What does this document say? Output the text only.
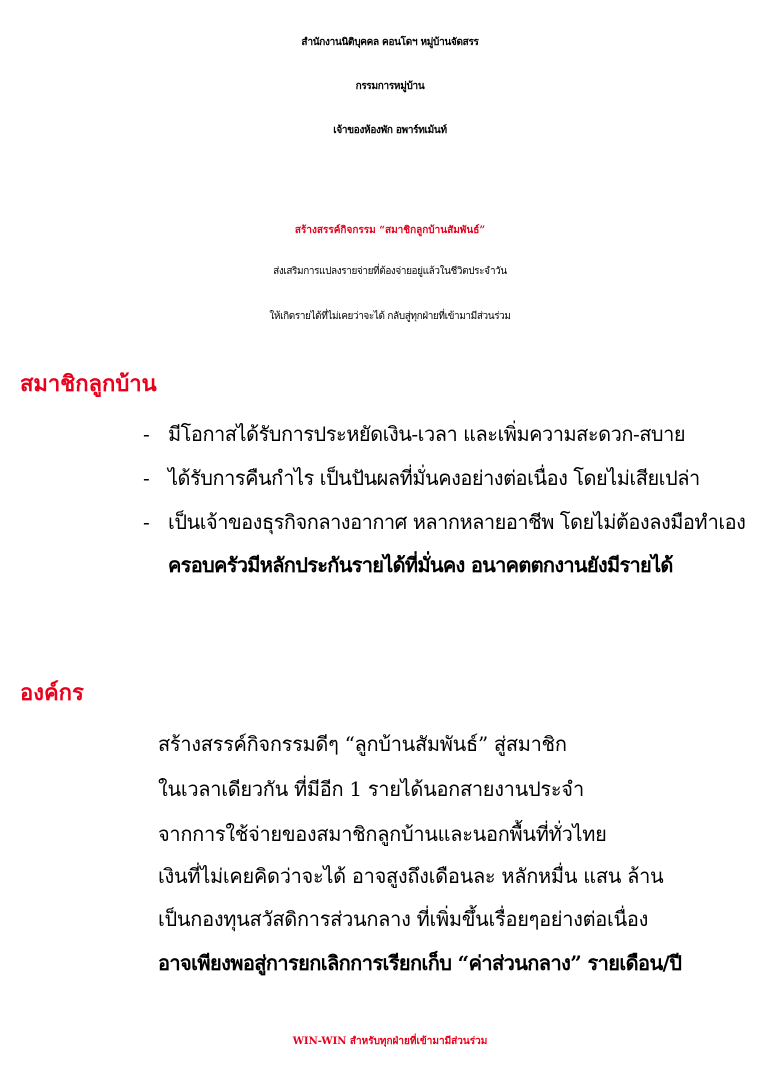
สำนักงานนิติบุคคล คอนโดฯ หมู่บ้านจัดสรร
กรรมการหมู่บ้าน
เจ้าของห้องพัก อพาร์ทเม้นท์
สร้างสรรค์กิจกรรม “สมาชิกลูกบ้านสัมพันธ์”
ส่งเสริมการแปลงรายจ่ายที่ต้องจ่ายอยู่แล้วในชีวิตประจำวัน
ให้เกิดรายได้ที่ไม่เคยว่าจะได้ กลับสู่ทุกฝ่ายที่เข้ามามีส่วนร่วม
สมาชิกลูกบ้าน
- มีโอกาสได้รับการประหยัดเงิน-เวลา และเพิ่มความสะดวก-สบาย
- ได้รับการคืนกำไร เป็นปันผลที่มั่นคงอย่างต่อเนื่อง โดยไม่เสียเปล่า
- เป็นเจ้าของธุรกิจกลางอากาศ หลากหลายอาชีพ โดยไม่ต้องลงมือทำเอง
ครอบครัวมีหลักประกันรายได้ที่มั่นคง อนาคตตกงานยังมีรายได้
องค์กร
สร้างสรรค์กิจกรรมดีๆ “ลูกบ้านสัมพันธ์” สู่สมาชิก
ในเวลาเดียวกัน ที่มีอีก 1 รายได้นอกสายงานประจำ
จากการใช้จ่ายของสมาชิกลูกบ้านและนอกพื้นที่ทั่วไทย
เงินที่ไม่เคยคิดว่าจะได้ อาจสูงถึงเดือนละ หลักหมื่น แสน ล้าน
เป็นกองทุนสวัสดิการส่วนกลาง ที่เพิ่มขึ้นเรื่อยๆอย่างต่อเนื่อง
อาจเพียงพอสู่การยกเลิกการเรียกเก็บ “ค่าส่วนกลาง” รายเดือน/ปี
WIN-WIN สำหรับทุกฝ่ายที่เข้ามามีส่วนร่วม
